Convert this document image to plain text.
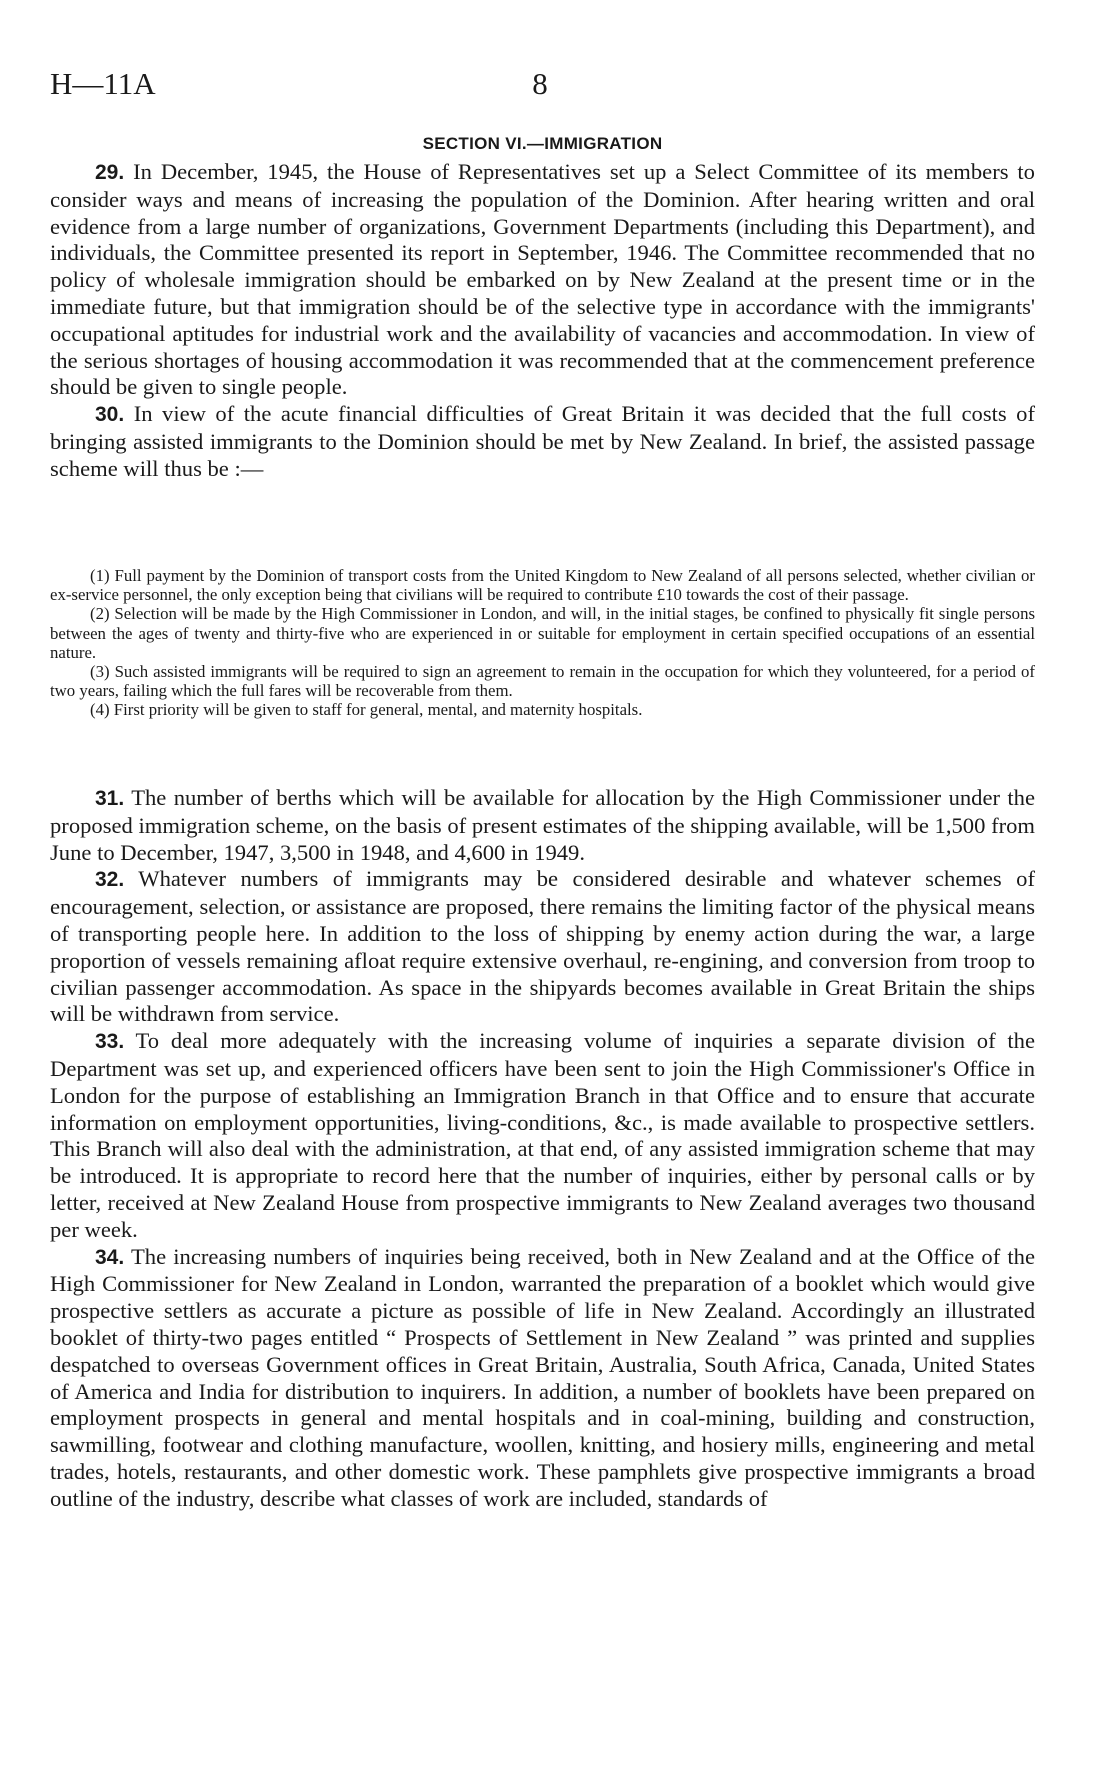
H—11A	8
SECTION VI.—IMMIGRATION

29. In December, 1945, the House of Representatives set up a Select Committee of its members to consider ways and means of increasing the population of the Dominion. After hearing written and oral evidence from a large number of organizations, Government Departments (including this Department), and individuals, the Committee presented its report in September, 1946. The Committee recommended that no policy of wholesale immigration should be embarked on by New Zealand at the present time or in the immediate future, but that immigration should be of the selective type in accordance with the immigrants' occupational aptitudes for industrial work and the availability of vacancies and accommodation. In view of the serious shortages of housing accommodation it was recommended that at the commencement preference should be given to single people.

30. In view of the acute financial difficulties of Great Britain it was decided that the full costs of bringing assisted immigrants to the Dominion should be met by New Zealand. In brief, the assisted passage scheme will thus be :—

(1) Full payment by the Dominion of transport costs from the United Kingdom to New Zealand of all persons selected, whether civilian or ex-service personnel, the only exception being that civilians will be required to contribute £10 towards the cost of their passage.

(2) Selection will be made by the High Commissioner in London, and will, in the initial stages, be confined to physically fit single persons between the ages of twenty and thirty-five who are experienced in or suitable for employment in certain specified occupations of an essential nature.

(3) Such assisted immigrants will be required to sign an agreement to remain in the occupation for which they volunteered, for a period of two years, failing which the full fares will be recoverable from them.

(4) First priority will be given to staff for general, mental, and maternity hospitals.

31. The number of berths which will be available for allocation by the High Commissioner under the proposed immigration scheme, on the basis of present estimates of the shipping available, will be 1,500 from June to December, 1947, 3,500 in 1948, and 4,600 in 1949.

32. Whatever numbers of immigrants may be considered desirable and whatever schemes of encouragement, selection, or assistance are proposed, there remains the limiting factor of the physical means of transporting people here. In addition to the loss of shipping by enemy action during the war, a large proportion of vessels remaining afloat require extensive overhaul, re-engining, and conversion from troop to civilian passenger accommodation. As space in the shipyards becomes available in Great Britain the ships will be withdrawn from service.

33. To deal more adequately with the increasing volume of inquiries a separate division of the Department was set up, and experienced officers have been sent to join the High Commissioner's Office in London for the purpose of establishing an Immigration Branch in that Office and to ensure that accurate information on employment opportunities, living-conditions, &c., is made available to prospective settlers. This Branch will also deal with the administration, at that end, of any assisted immigration scheme that may be introduced. It is appropriate to record here that the number of inquiries, either by personal calls or by letter, received at New Zealand House from prospective immigrants to New Zealand averages two thousand per week.

34. The increasing numbers of inquiries being received, both in New Zealand and at the Office of the High Commissioner for New Zealand in London, warranted the preparation of a booklet which would give prospective settlers as accurate a picture as possible of life in New Zealand. Accordingly an illustrated booklet of thirty-two pages entitled “ Prospects of Settlement in New Zealand ” was printed and supplies despatched to overseas Government offices in Great Britain, Australia, South Africa, Canada, United States of America and India for distribution to inquirers. In addition, a number of booklets have been prepared on employment prospects in general and mental hospitals and in coal-mining, building and construction, sawmilling, footwear and clothing manufacture, woollen, knitting, and hosiery mills, engineering and metal trades, hotels, restaurants, and other domestic work. These pamphlets give prospective immigrants a broad outline of the industry, describe what classes of work are included, standards of
